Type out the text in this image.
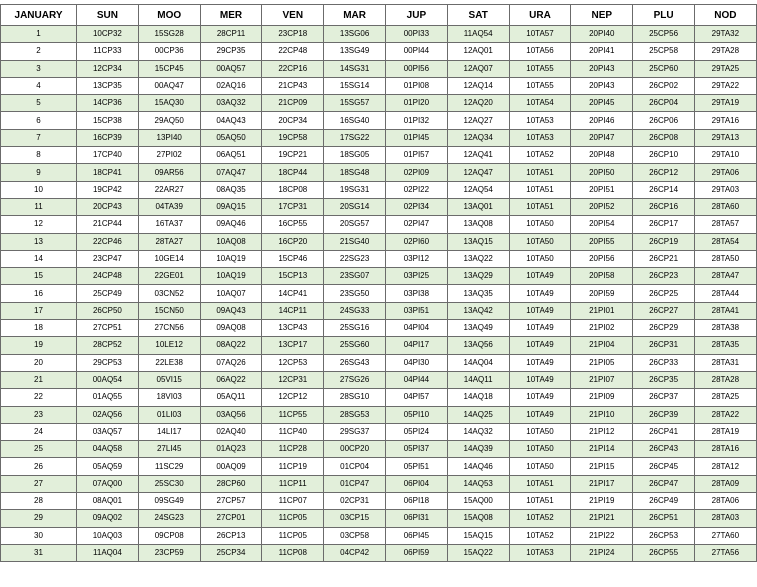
JANUARY	SUN	MOO	MER	VEN	MAR	JUP	SAT	URA	NEP	PLU	NOD
1	10CP32	15SG28	28CP11	23CP18	13SG06	00PI33	11AQ54	10TA57	20PI40	25CP56	29TA32
2	11CP33	00CP36	29CP35	22CP48	13SG49	00PI44	12AQ01	10TA56	20PI41	25CP58	29TA28
3	12CP34	15CP45	00AQ57	22CP16	14SG31	00PI56	12AQ07	10TA55	20PI43	25CP60	29TA25
4	13CP35	00AQ47	02AQ16	21CP43	15SG14	01PI08	12AQ14	10TA55	20PI43	26CP02	29TA22
5	14CP36	15AQ30	03AQ32	21CP09	15SG57	01PI20	12AQ20	10TA54	20PI45	26CP04	29TA19
6	15CP38	29AQ50	04AQ43	20CP34	16SG40	01PI32	12AQ27	10TA53	20PI46	26CP06	29TA16
7	16CP39	13PI40	05AQ50	19CP58	17SG22	01PI45	12AQ34	10TA53	20PI47	26CP08	29TA13
8	17CP40	27PI02	06AQ51	19CP21	18SG05	01PI57	12AQ41	10TA52	20PI48	26CP10	29TA10
9	18CP41	09AR56	07AQ47	18CP44	18SG48	02PI09	12AQ47	10TA51	20PI50	26CP12	29TA06
10	19CP42	22AR27	08AQ35	18CP08	19SG31	02PI22	12AQ54	10TA51	20PI51	26CP14	29TA03
11	20CP43	04TA39	09AQ15	17CP31	20SG14	02PI34	13AQ01	10TA51	20PI52	26CP16	28TA60
12	21CP44	16TA37	09AQ46	16CP55	20SG57	02PI47	13AQ08	10TA50	20PI54	26CP17	28TA57
13	22CP46	28TA27	10AQ08	16CP20	21SG40	02PI60	13AQ15	10TA50	20PI55	26CP19	28TA54
14	23CP47	10GE14	10AQ19	15CP46	22SG23	03PI12	13AQ22	10TA50	20PI56	26CP21	28TA50
15	24CP48	22GE01	10AQ19	15CP13	23SG07	03PI25	13AQ29	10TA49	20PI58	26CP23	28TA47
16	25CP49	03CN52	10AQ07	14CP41	23SG50	03PI38	13AQ35	10TA49	20PI59	26CP25	28TA44
17	26CP50	15CN50	09AQ43	14CP11	24SG33	03PI51	13AQ42	10TA49	21PI01	26CP27	28TA41
18	27CP51	27CN56	09AQ08	13CP43	25SG16	04PI04	13AQ49	10TA49	21PI02	26CP29	28TA38
19	28CP52	10LE12	08AQ22	13CP17	25SG60	04PI17	13AQ56	10TA49	21PI04	26CP31	28TA35
20	29CP53	22LE38	07AQ26	12CP53	26SG43	04PI30	14AQ04	10TA49	21PI05	26CP33	28TA31
21	00AQ54	05VI15	06AQ22	12CP31	27SG26	04PI44	14AQ11	10TA49	21PI07	26CP35	28TA28
22	01AQ55	18VI03	05AQ11	12CP12	28SG10	04PI57	14AQ18	10TA49	21PI09	26CP37	28TA25
23	02AQ56	01LI03	03AQ56	11CP55	28SG53	05PI10	14AQ25	10TA49	21PI10	26CP39	28TA22
24	03AQ57	14LI17	02AQ40	11CP40	29SG37	05PI24	14AQ32	10TA50	21PI12	26CP41	28TA19
25	04AQ58	27LI45	01AQ23	11CP28	00CP20	05PI37	14AQ39	10TA50	21PI14	26CP43	28TA16
26	05AQ59	11SC29	00AQ09	11CP19	01CP04	05PI51	14AQ46	10TA50	21PI15	26CP45	28TA12
27	07AQ00	25SC30	28CP60	11CP11	01CP47	06PI04	14AQ53	10TA51	21PI17	26CP47	28TA09
28	08AQ01	09SG49	27CP57	11CP07	02CP31	06PI18	15AQ00	10TA51	21PI19	26CP49	28TA06
29	09AQ02	24SG23	27CP01	11CP05	03CP15	06PI31	15AQ08	10TA52	21PI21	26CP51	28TA03
30	10AQ03	09CP08	26CP13	11CP05	03CP58	06PI45	15AQ15	10TA52	21PI22	26CP53	27TA60
31	11AQ04	23CP59	25CP34	11CP08	04CP42	06PI59	15AQ22	10TA53	21PI24	26CP55	27TA56
